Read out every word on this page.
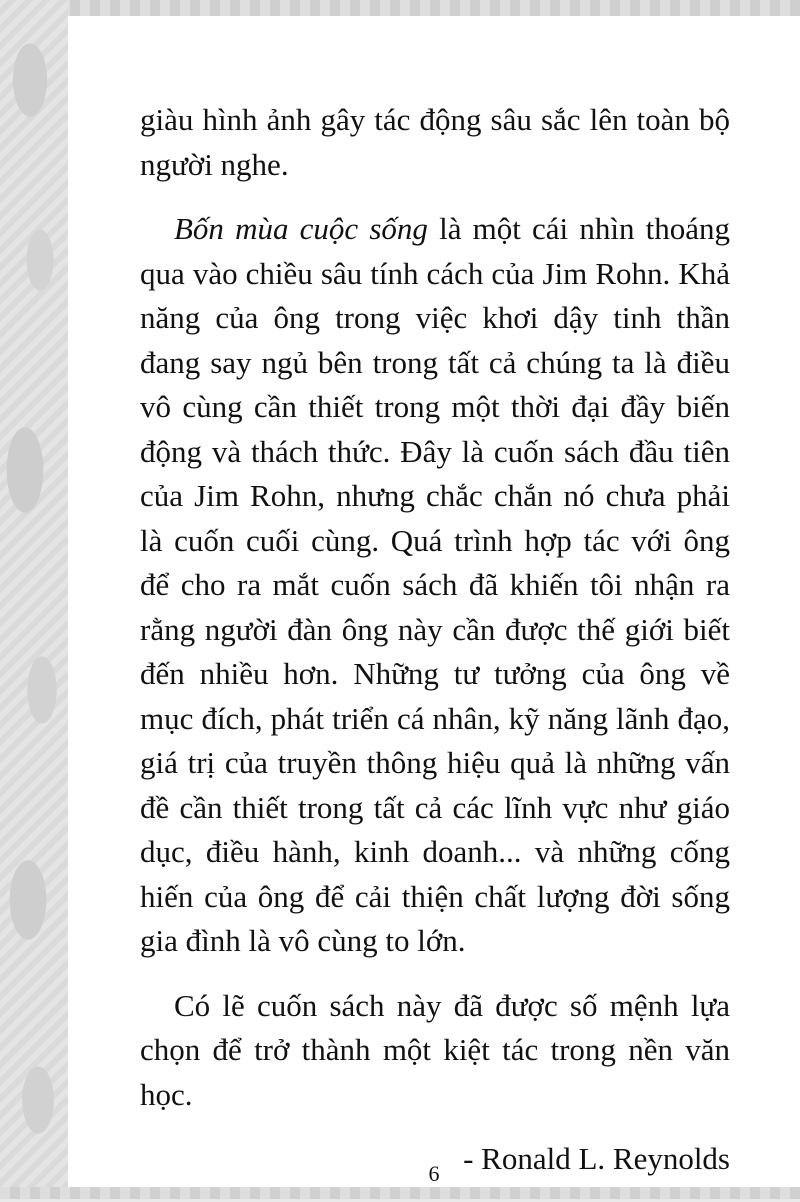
giàu hình ảnh gây tác động sâu sắc lên toàn bộ người nghe.

Bốn mùa cuộc sống là một cái nhìn thoáng qua vào chiều sâu tính cách của Jim Rohn. Khả năng của ông trong việc khơi dậy tinh thần đang say ngủ bên trong tất cả chúng ta là điều vô cùng cần thiết trong một thời đại đầy biến động và thách thức. Đây là cuốn sách đầu tiên của Jim Rohn, nhưng chắc chắn nó chưa phải là cuốn cuối cùng. Quá trình hợp tác với ông để cho ra mắt cuốn sách đã khiến tôi nhận ra rằng người đàn ông này cần được thế giới biết đến nhiều hơn. Những tư tưởng của ông về mục đích, phát triển cá nhân, kỹ năng lãnh đạo, giá trị của truyền thông hiệu quả là những vấn đề cần thiết trong tất cả các lĩnh vực như giáo dục, điều hành, kinh doanh... và những cống hiến của ông để cải thiện chất lượng đời sống gia đình là vô cùng to lớn.

Có lẽ cuốn sách này đã được số mệnh lựa chọn để trở thành một kiệt tác trong nền văn học.

- Ronald L. Reynolds

6
